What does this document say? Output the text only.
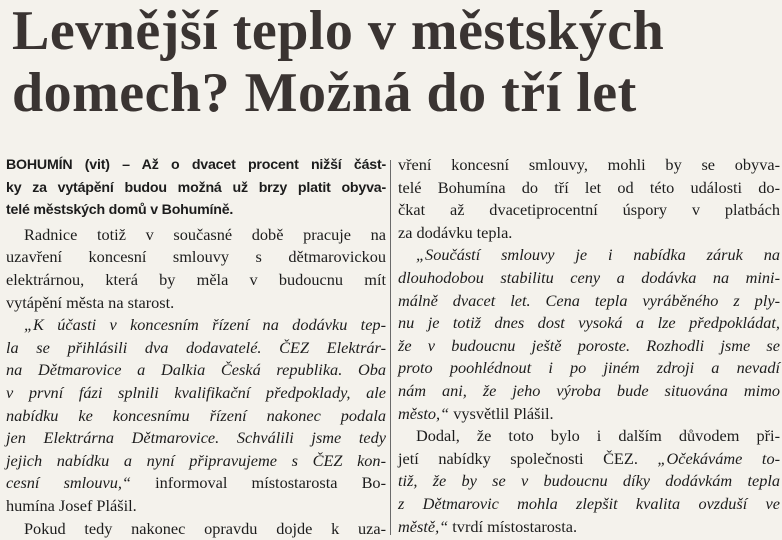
Levnější teplo v městských
domech? Možná do tří let
BOHUMÍN (vit) – Až o dvacet procent nižší část-
ky za vytápění budou možná už brzy platit obyva-
telé městských domů v Bohumíně.
Radnice totiž v současné době pracuje na
uzavření koncesní smlouvy s dětmarovickou
elektrárnou, která by měla v budoucnu mít
vytápění města na starost.
„K účasti v koncesním řízení na dodávku tep-
la se přihlásili dva dodavatelé. ČEZ Elektrár-
na Dětmarovice a Dalkia Česká republika. Oba
v první fázi splnili kvalifikační předpoklady, ale
nabídku ke koncesnímu řízení nakonec podala
jen Elektrárna Dětmarovice. Schválili jsme tedy
jejich nabídku a nyní připravujeme s ČEZ kon-
cesní smlouvu,“ informoval místostarosta Bo-
humína Josef Plášil.
Pokud tedy nakonec opravdu dojde k uza-
vření koncesní smlouvy, mohli by se obyva-
telé Bohumína do tří let od této události do-
čkat až dvacetiprocentní úspory v platbách
za dodávku tepla.
„Součástí smlouvy je i nabídka záruk na
dlouhodobou stabilitu ceny a dodávka na mini-
málně dvacet let. Cena tepla vyráběného z ply-
nu je totiž dnes dost vysoká a lze předpokládat,
že v budoucnu ještě poroste. Rozhodli jsme se
proto poohlédnout i po jiném zdroji a nevadí
nám ani, že jeho výroba bude situována mimo
město,“ vysvětlil Plášil.
Dodal, že toto bylo i dalším důvodem při-
jetí nabídky společnosti ČEZ. „Očekáváme to-
tiž, že by se v budoucnu díky dodávkám tepla
z Dětmarovic mohla zlepšit kvalita ovzduší ve
městě,“ tvrdí místostarosta.
